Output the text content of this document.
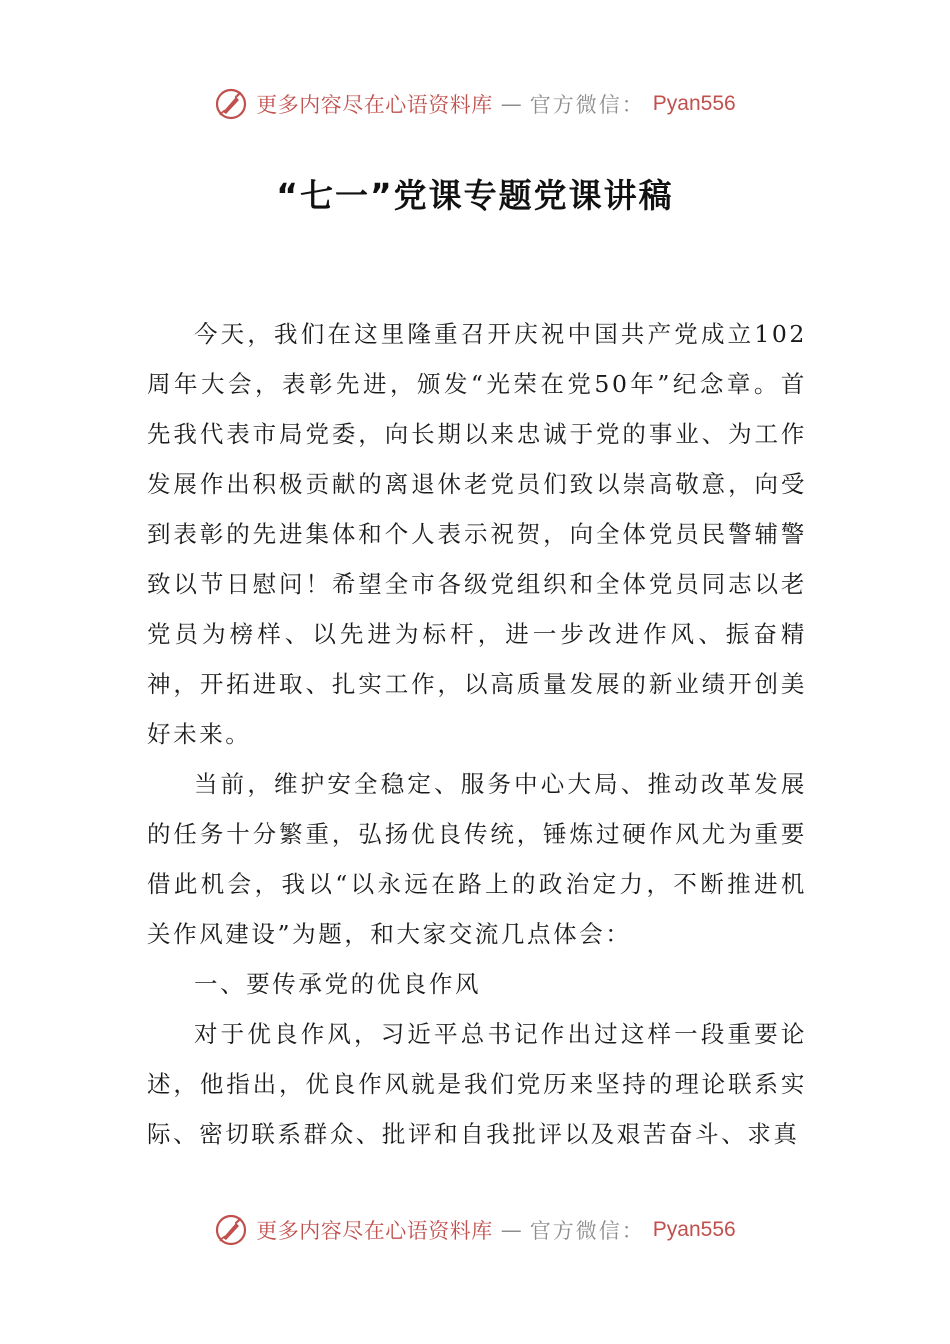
更多内容尽在心语资料库 — 官方微信： Pyan556
“七一”党课专题党课讲稿

今天，我们在这里隆重召开庆祝中国共产党成立102周年大会，表彰先进，颁发“光荣在党50年”纪念章。首先我代表市局党委，向长期以来忠诚于党的事业、为工作发展作出积极贡献的离退休老党员们致以崇高敬意，向受到表彰的先进集体和个人表示祝贺，向全体党员民警辅警致以节日慰问！希望全市各级党组织和全体党员同志以老党员为榜样、以先进为标杆，进一步改进作风、振奋精神，开拓进取、扎实工作，以高质量发展的新业绩开创美好未来。

当前，维护安全稳定、服务中心大局、推动改革发展的任务十分繁重，弘扬优良传统，锤炼过硬作风尤为重要借此机会，我以“以永远在路上的政治定力，不断推进机关作风建设”为题，和大家交流几点体会：

一、要传承党的优良作风

对于优良作风，习近平总书记作出过这样一段重要论述，他指出，优良作风就是我们党历来坚持的理论联系实际、密切联系群众、批评和自我批评以及艰苦奋斗、求真

更多内容尽在心语资料库 — 官方微信： Pyan556
